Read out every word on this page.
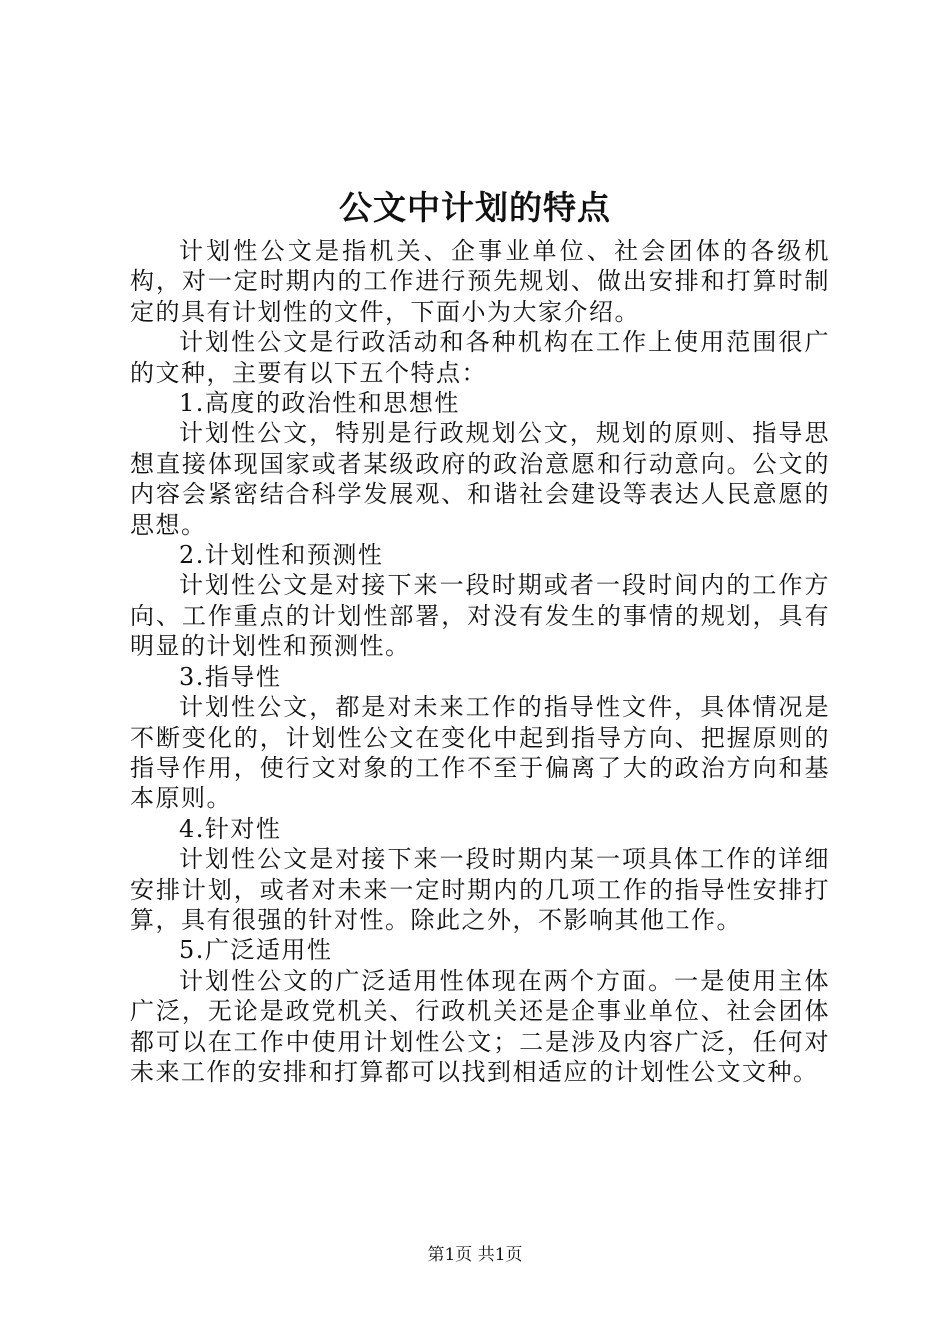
公文中计划的特点

计划性公文是指机关、企事业单位、社会团体的各级机构，对一定时期内的工作进行预先规划、做出安排和打算时制定的具有计划性的文件，下面小为大家介绍。

计划性公文是行政活动和各种机构在工作上使用范围很广的文种，主要有以下五个特点：

1.高度的政治性和思想性

计划性公文，特别是行政规划公文，规划的原则、指导思想直接体现国家或者某级政府的政治意愿和行动意向。公文的内容会紧密结合科学发展观、和谐社会建设等表达人民意愿的思想。

2.计划性和预测性

计划性公文是对接下来一段时期或者一段时间内的工作方向、工作重点的计划性部署，对没有发生的事情的规划，具有明显的计划性和预测性。

3.指导性

计划性公文，都是对未来工作的指导性文件，具体情况是不断变化的，计划性公文在变化中起到指导方向、把握原则的指导作用，使行文对象的工作不至于偏离了大的政治方向和基本原则。

4.针对性

计划性公文是对接下来一段时期内某一项具体工作的详细安排计划，或者对未来一定时期内的几项工作的指导性安排打算，具有很强的针对性。除此之外，不影响其他工作。

5.广泛适用性

计划性公文的广泛适用性体现在两个方面。一是使用主体广泛，无论是政党机关、行政机关还是企事业单位、社会团体都可以在工作中使用计划性公文；二是涉及内容广泛，任何对未来工作的安排和打算都可以找到相适应的计划性公文文种。

第1页 共1页
